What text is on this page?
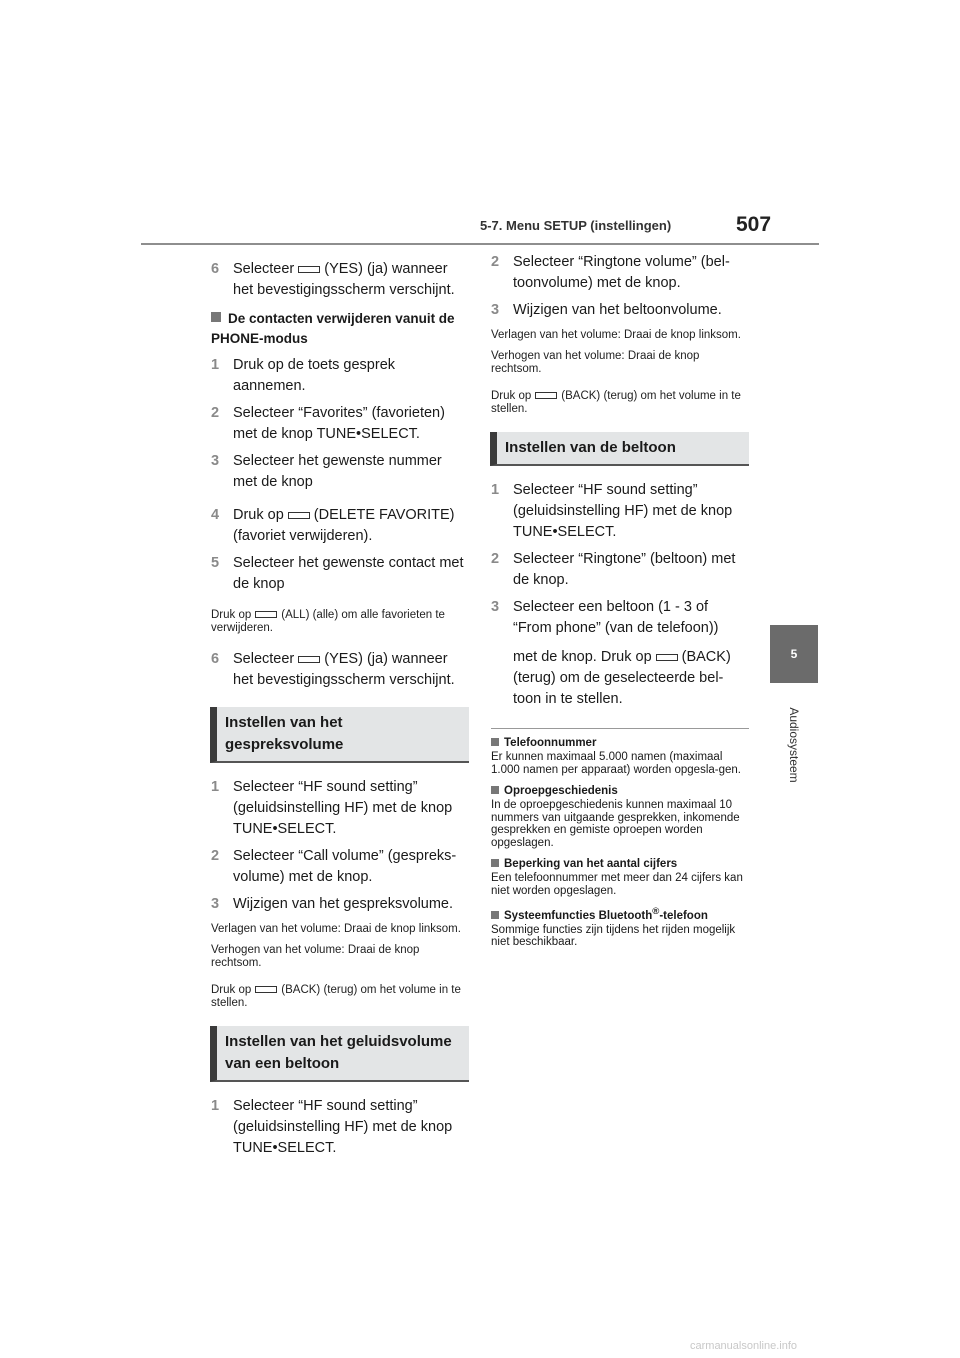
5-7. Menu SETUP (instellingen)	507
5
Audiosysteem
6 Selecteer (YES) (ja) wanneer het bevestigingsscherm verschijnt.
De contacten verwijderen vanuit de PHONE-modus
1 Druk op de toets gesprek aannemen.
2 Selecteer “Favorites” (favorieten) met de knop TUNE•SELECT.
3 Selecteer het gewenste nummer met de knop
4 Druk op (DELETE FAVORITE) (favoriet verwijderen).
5 Selecteer het gewenste contact met de knop
Druk op	(ALL) (alle) om alle favorieten te verwijderen.
6 Selecteer (YES) (ja) wanneer het bevestigingsscherm verschijnt.
Instellen van het gespreksvolume
1 Selecteer “HF sound setting” (geluidsinstelling HF) met de knop TUNE•SELECT.
2 Selecteer “Call volume” (gespreks-volume) met de knop.
3 Wijzigen van het gespreksvolume.
Verlagen van het volume: Draai de knop linksom.
Verhogen van het volume: Draai de knop rechtsom.
Druk op	(BACK) (terug) om het volume in te stellen.
Instellen van het geluidsvolume van een beltoon
1 Selecteer “HF sound setting” (geluidsinstelling HF) met de knop TUNE•SELECT.
2 Selecteer “Ringtone volume” (bel-toonvolume) met de knop.
3 Wijzigen van het beltoonvolume.
Verlagen van het volume: Draai de knop linksom.
Verhogen van het volume: Draai de knop rechtsom.
Druk op	(BACK) (terug) om het volume in te stellen.
Instellen van de beltoon
1 Selecteer “HF sound setting” (geluidsinstelling HF) met de knop TUNE•SELECT.
2 Selecteer “Ringtone” (beltoon) met de knop.
3 Selecteer een beltoon (1 - 3 of “From phone” (van de telefoon))
met de knop. Druk op (BACK) (terug) om de geselecteerde bel-toon in te stellen.
Telefoonnummer
Er kunnen maximaal 5.000 namen (maximaal 1.000 namen per apparaat) worden opgesla-gen.
Oproepgeschiedenis
In de oproepgeschiedenis kunnen maximaal 10 nummers van uitgaande gesprekken, inkomende gesprekken en gemiste oproepen worden opgeslagen.
Beperking van het aantal cijfers
Een telefoonnummer met meer dan 24 cijfers kan niet worden opgeslagen.
Systeemfuncties Bluetooth®-telefoon
Sommige functies zijn tijdens het rijden mogelijk niet beschikbaar.
carmanualsonline.info
